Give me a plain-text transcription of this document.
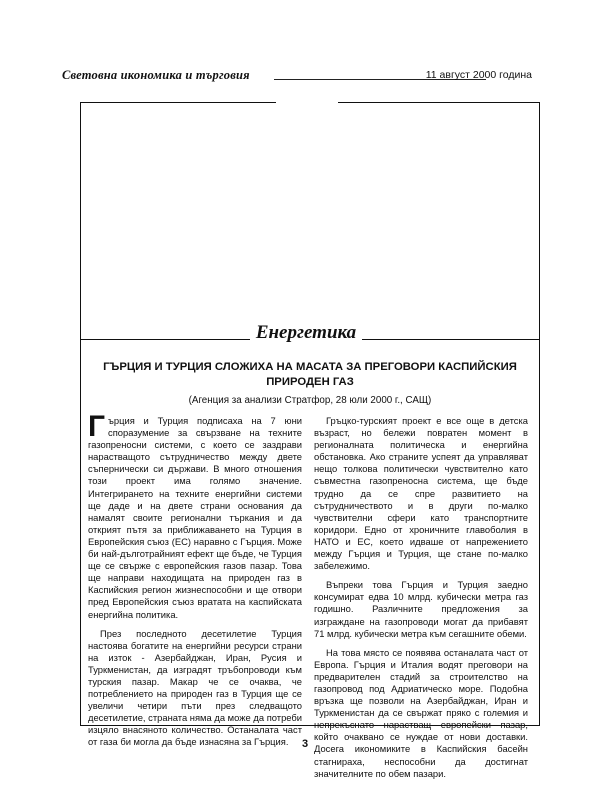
Световна икономика и търговия	11 август 2000 година
Енергетика
ГЪРЦИЯ И ТУРЦИЯ СЛОЖИХА НА МАСАТА ЗА ПРЕГОВОРИ КАСПИЙСКИЯ ПРИРОДЕН ГАЗ
(Агенция за анализи Стратфор, 28 юли 2000 г., САЩ)

Гърция и Турция подписаха на 7 юни споразумение за свързване на техните газопреносни системи, с което се заздрави нарастващото сътрудничество между двете съпернически си държави. В много отношения този проект има голямо значение. Интегрирането на техните енергийни системи ще даде и на двете страни основания да намалят своите регионални търкания и да открият пътя за приближаването на Турция в Европейския съюз (ЕС) наравно с Гърция. Може би най-дълготрайният ефект ще бъде, че Турция ще се свърже с европейския газов пазар. Това ще направи находищата на природен газ в Каспийския регион жизнеспособни и ще отвори пред Европейския съюз вратата на каспийската енергийна политика.

През последното десетилетие Турция настоява богатите на енергийни ресурси страни на изток - Азербайджан, Иран, Русия и Туркменистан, да изградят тръбопроводи към турския пазар. Макар че се очаква, че потреблението на природен газ в Турция ще се увеличи четири пъти през следващото десетилетие, страната няма да може да потреби изцяло внасяното количество. Останалата част от газа би могла да бъде изнасяна за Гърция.

Гръцко-турският проект е все още в детска възраст, но бележи повратен момент в регионалната политическа и енергийна обстановка. Ако страните успеят да управляват нещо толкова политически чувствително като съвместна газопреносна система, ще бъде трудно да се спре развитието на сътрудничеството и в други по-малко чувствителни сфери като транспортните коридори. Едно от хроничните главоболия в НАТО и ЕС, което идваше от напрежението между Гърция и Турция, ще стане по-малко забележимо.

Въпреки това Гърция и Турция заедно консумират едва 10 млрд. кубически метра газ годишно. Различните предложения за изграждане на газопроводи могат да прибавят 71 млрд. кубически метра към сегашните обеми.

На това място се появява останалата част от Европа. Гърция и Италия водят преговори на предварителен стадий за строителство на газопровод под Адриатическо море. Подобна връзка ще позволи на Азербайджан, Иран и Туркменистан да се свържат пряко с големия и непрекъснато нарастващ европейски пазар, който очаквано се нуждае от нови доставки. Досега икономиките в Каспийския басейн стагнираха, неспособни да достигнат значителните по обем пазари.

3
